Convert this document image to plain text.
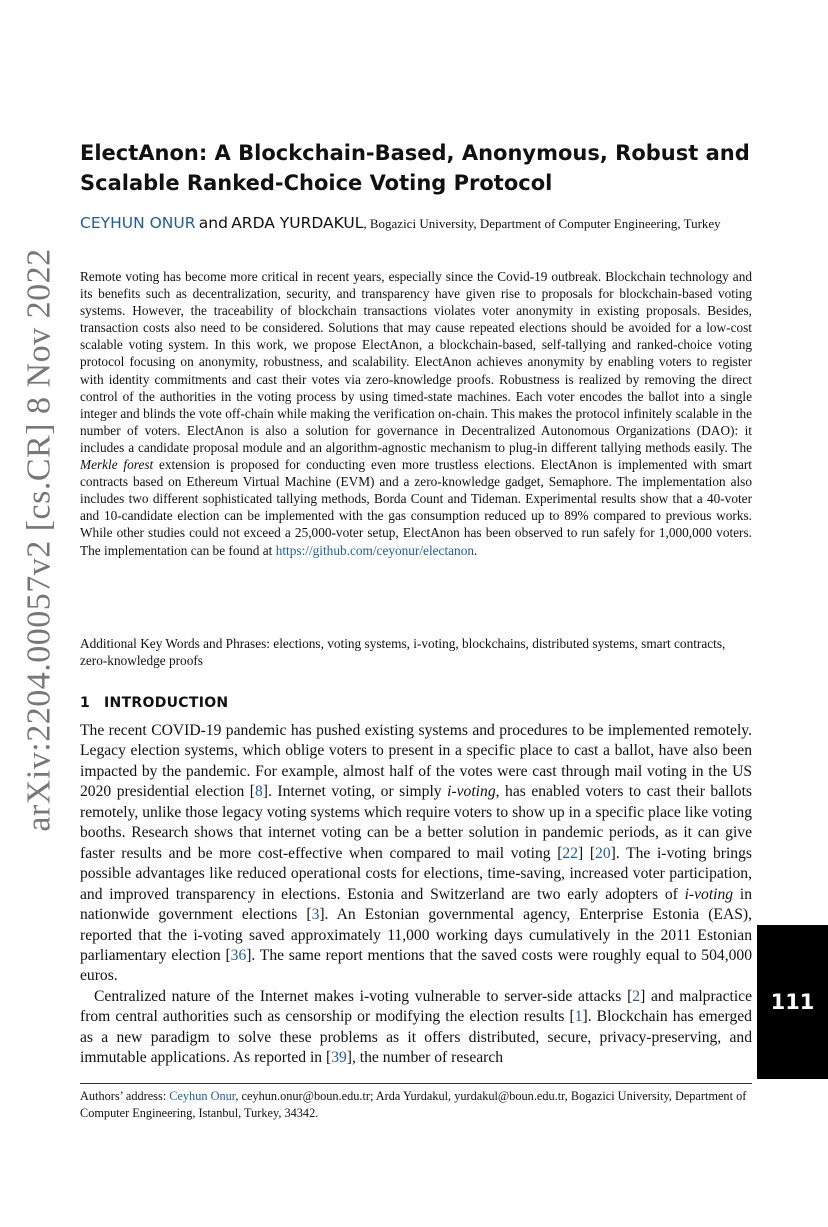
arXiv:2204.00057v2 [cs.CR] 8 Nov 2022
ElectAnon: A Blockchain-Based, Anonymous, Robust and Scalable Ranked-Choice Voting Protocol
CEYHUN ONUR and ARDA YURDAKUL, Bogazici University, Department of Computer Engineering, Turkey

Remote voting has become more critical in recent years, especially since the Covid-19 outbreak. Blockchain technology and its benefits such as decentralization, security, and transparency have given rise to proposals for blockchain-based voting systems. However, the traceability of blockchain transactions violates voter anonymity in existing proposals. Besides, transaction costs also need to be considered. Solutions that may cause repeated elections should be avoided for a low-cost scalable voting system. In this work, we propose ElectAnon, a blockchain-based, self-tallying and ranked-choice voting protocol focusing on anonymity, robustness, and scalability. ElectAnon achieves anonymity by enabling voters to register with identity commitments and cast their votes via zero-knowledge proofs. Robustness is realized by removing the direct control of the authorities in the voting process by using timed-state machines. Each voter encodes the ballot into a single integer and blinds the vote off-chain while making the verification on-chain. This makes the protocol infinitely scalable in the number of voters. ElectAnon is also a solution for governance in Decentralized Autonomous Organizations (DAO): it includes a candidate proposal module and an algorithm-agnostic mechanism to plug-in different tallying methods easily. The Merkle forest extension is proposed for conducting even more trustless elections. ElectAnon is implemented with smart contracts based on Ethereum Virtual Machine (EVM) and a zero-knowledge gadget, Semaphore. The implementation also includes two different sophisticated tallying methods, Borda Count and Tideman. Experimental results show that a 40-voter and 10-candidate election can be implemented with the gas consumption reduced up to 89% compared to previous works. While other studies could not exceed a 25,000-voter setup, ElectAnon has been observed to run safely for 1,000,000 voters. The implementation can be found at https://github.com/ceyonur/electanon.

Additional Key Words and Phrases: elections, voting systems, i-voting, blockchains, distributed systems, smart contracts, zero-knowledge proofs

1 INTRODUCTION

The recent COVID-19 pandemic has pushed existing systems and procedures to be implemented remotely. Legacy election systems, which oblige voters to present in a specific place to cast a ballot, have also been impacted by the pandemic. For example, almost half of the votes were cast through mail voting in the US 2020 presidential election [8]. Internet voting, or simply i-voting, has enabled voters to cast their ballots remotely, unlike those legacy voting systems which require voters to show up in a specific place like voting booths. Research shows that internet voting can be a better solution in pandemic periods, as it can give faster results and be more cost-effective when compared to mail voting [22] [20]. The i-voting brings possible advantages like reduced operational costs for elections, time-saving, increased voter participation, and improved transparency in elections. Estonia and Switzerland are two early adopters of i-voting in nationwide government elections [3]. An Estonian governmental agency, Enterprise Estonia (EAS), reported that the i-voting saved approximately 11,000 working days cumulatively in the 2011 Estonian parliamentary election [36]. The same report mentions that the saved costs were roughly equal to 504,000 euros.

Centralized nature of the Internet makes i-voting vulnerable to server-side attacks [2] and malpractice from central authorities such as censorship or modifying the election results [1]. Blockchain has emerged as a new paradigm to solve these problems as it offers distributed, secure, privacy-preserving, and immutable applications. As reported in [39], the number of research

Authors’ address: Ceyhun Onur, ceyhun.onur@boun.edu.tr; Arda Yurdakul, yurdakul@boun.edu.tr, Bogazici University, Department of Computer Engineering, Istanbul, Turkey, 34342.

111
